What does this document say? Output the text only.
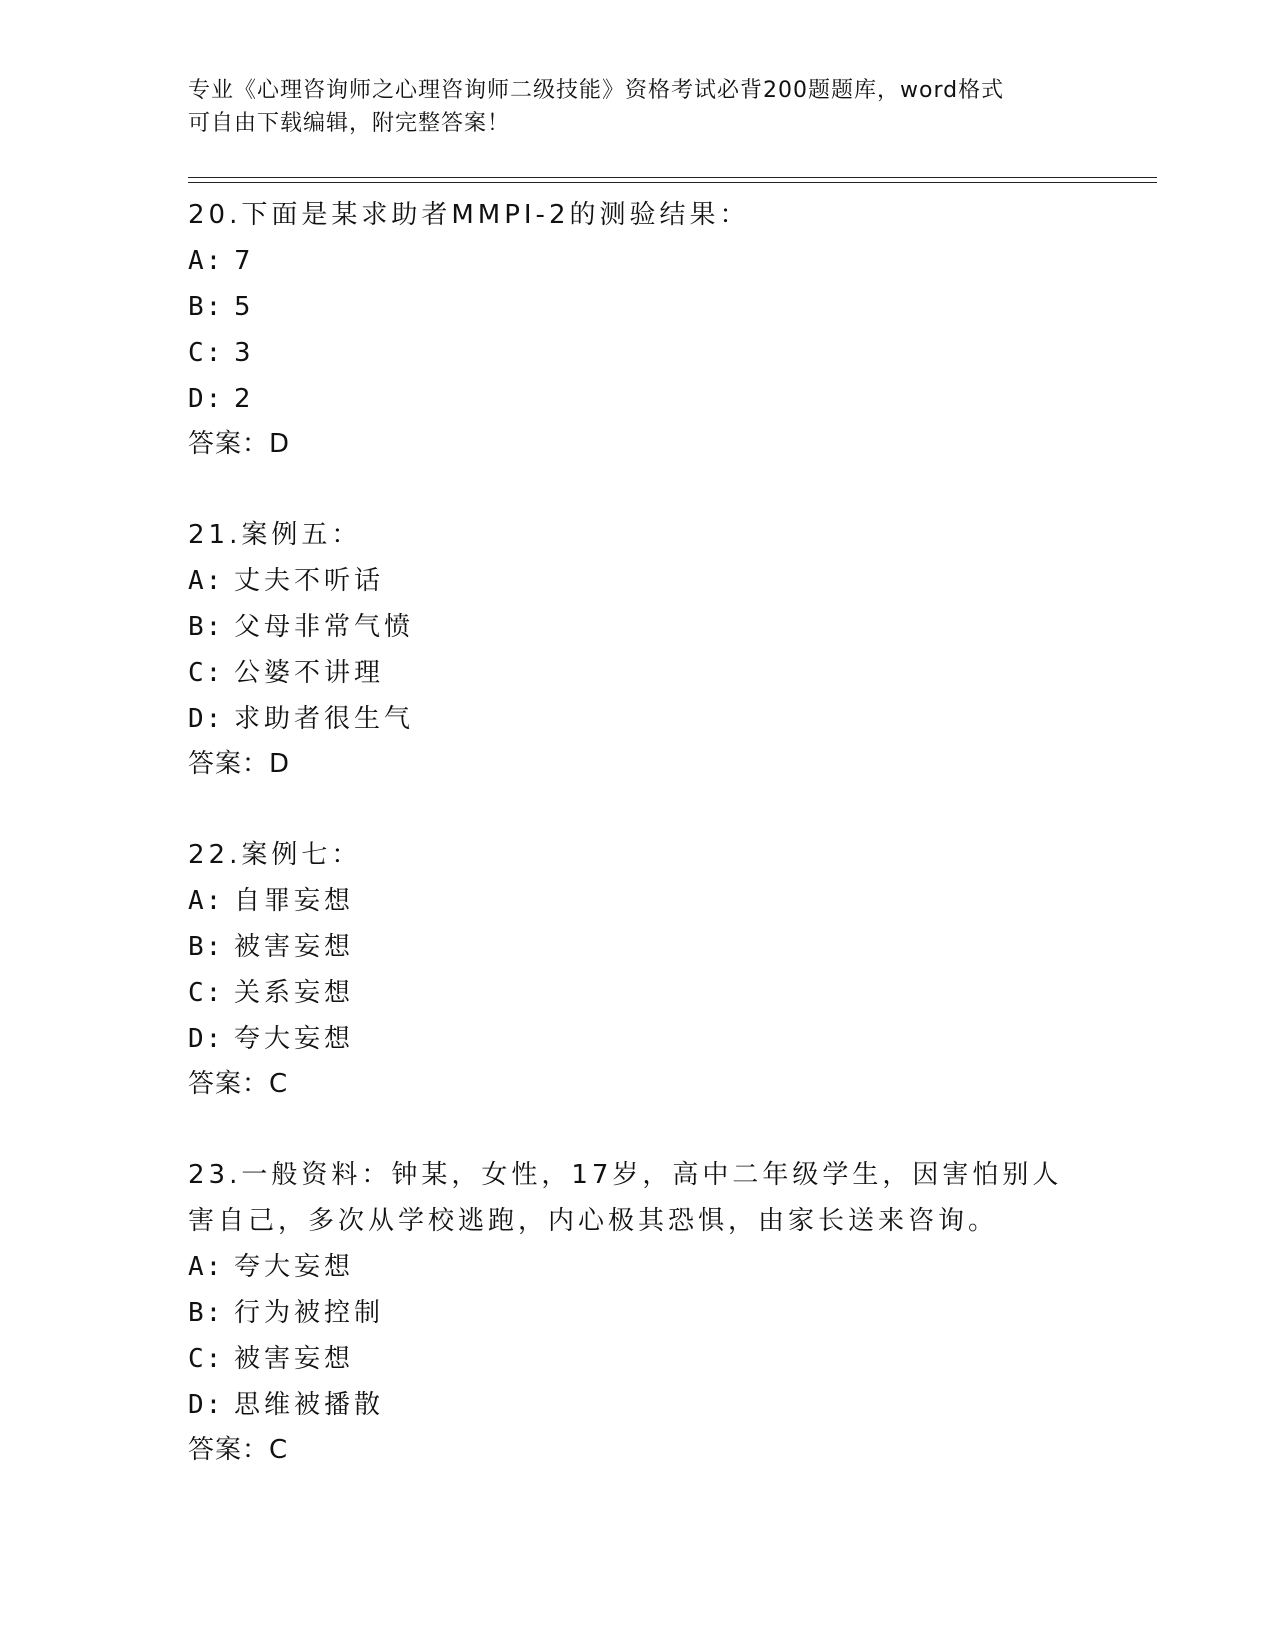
专业《心理咨询师之心理咨询师二级技能》资格考试必背200题题库，word格式
可自由下载编辑，附完整答案！
20.下面是某求助者MMPI-2的测验结果：
A: 7
B: 5
C: 3
D: 2
答案：D
21.案例五：
A: 丈夫不听话
B: 父母非常气愤
C: 公婆不讲理
D: 求助者很生气
答案：D
22.案例七：
A: 自罪妄想
B: 被害妄想
C: 关系妄想
D: 夸大妄想
答案：C
23.一般资料：钟某，女性，17岁，高中二年级学生，因害怕别人害自己，多次从学校逃跑，内心极其恐惧，由家长送来咨询。
A: 夸大妄想
B: 行为被控制
C: 被害妄想
D: 思维被播散
答案：C
